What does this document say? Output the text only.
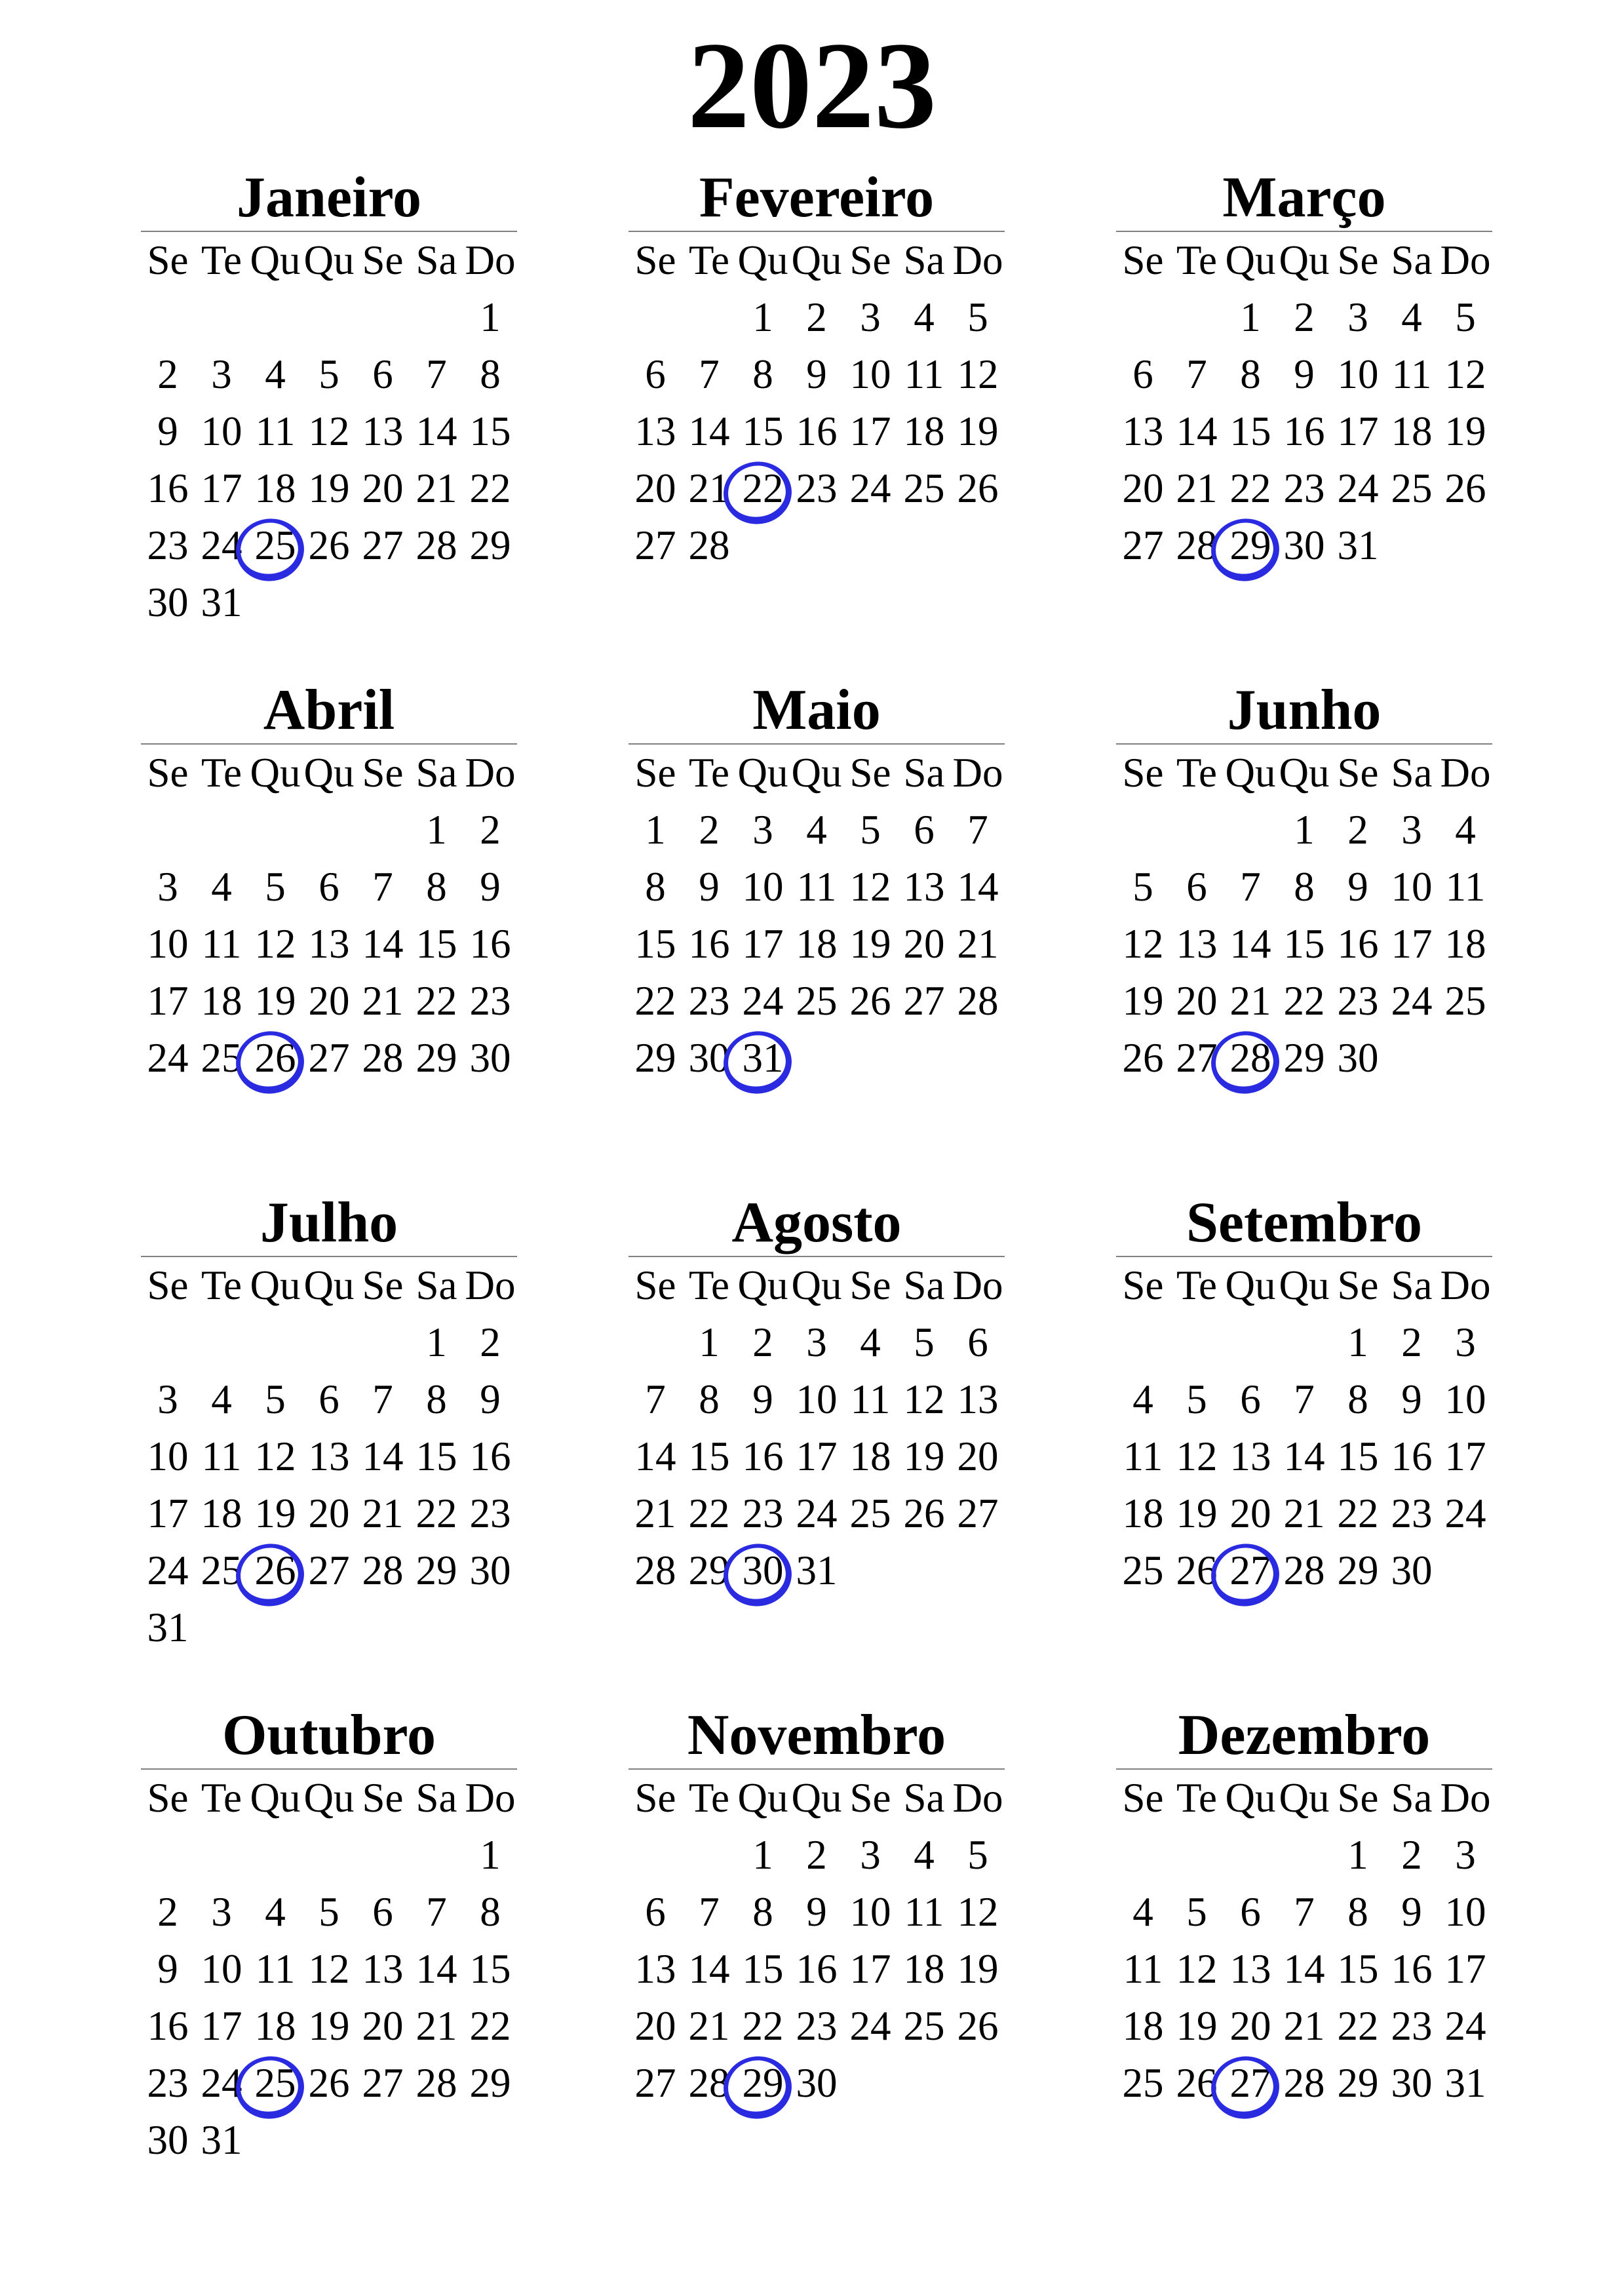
2023
Janeiro
Se Te Qu Qu Se Sa Do
1
2 3 4 5 6 7 8
9 10 11 12 13 14 15
16 17 18 19 20 21 22
23 24 25 26 27 28 29
30 31
Fevereiro
Se Te Qu Qu Se Sa Do
1 2 3 4 5
6 7 8 9 10 11 12
13 14 15 16 17 18 19
20 21 22 23 24 25 26
27 28
Março
Se Te Qu Qu Se Sa Do
1 2 3 4 5
6 7 8 9 10 11 12
13 14 15 16 17 18 19
20 21 22 23 24 25 26
27 28 29 30 31
Abril
Se Te Qu Qu Se Sa Do
1 2
3 4 5 6 7 8 9
10 11 12 13 14 15 16
17 18 19 20 21 22 23
24 25 26 27 28 29 30
Maio
Se Te Qu Qu Se Sa Do
1 2 3 4 5 6 7
8 9 10 11 12 13 14
15 16 17 18 19 20 21
22 23 24 25 26 27 28
29 30 31
Junho
Se Te Qu Qu Se Sa Do
1 2 3 4
5 6 7 8 9 10 11
12 13 14 15 16 17 18
19 20 21 22 23 24 25
26 27 28 29 30
Julho
Se Te Qu Qu Se Sa Do
1 2
3 4 5 6 7 8 9
10 11 12 13 14 15 16
17 18 19 20 21 22 23
24 25 26 27 28 29 30
31
Agosto
Se Te Qu Qu Se Sa Do
1 2 3 4 5 6
7 8 9 10 11 12 13
14 15 16 17 18 19 20
21 22 23 24 25 26 27
28 29 30 31
Setembro
Se Te Qu Qu Se Sa Do
1 2 3
4 5 6 7 8 9 10
11 12 13 14 15 16 17
18 19 20 21 22 23 24
25 26 27 28 29 30
Outubro
Se Te Qu Qu Se Sa Do
1
2 3 4 5 6 7 8
9 10 11 12 13 14 15
16 17 18 19 20 21 22
23 24 25 26 27 28 29
30 31
Novembro
Se Te Qu Qu Se Sa Do
1 2 3 4 5
6 7 8 9 10 11 12
13 14 15 16 17 18 19
20 21 22 23 24 25 26
27 28 29 30
Dezembro
Se Te Qu Qu Se Sa Do
1 2 3
4 5 6 7 8 9 10
11 12 13 14 15 16 17
18 19 20 21 22 23 24
25 26 27 28 29 30 31
